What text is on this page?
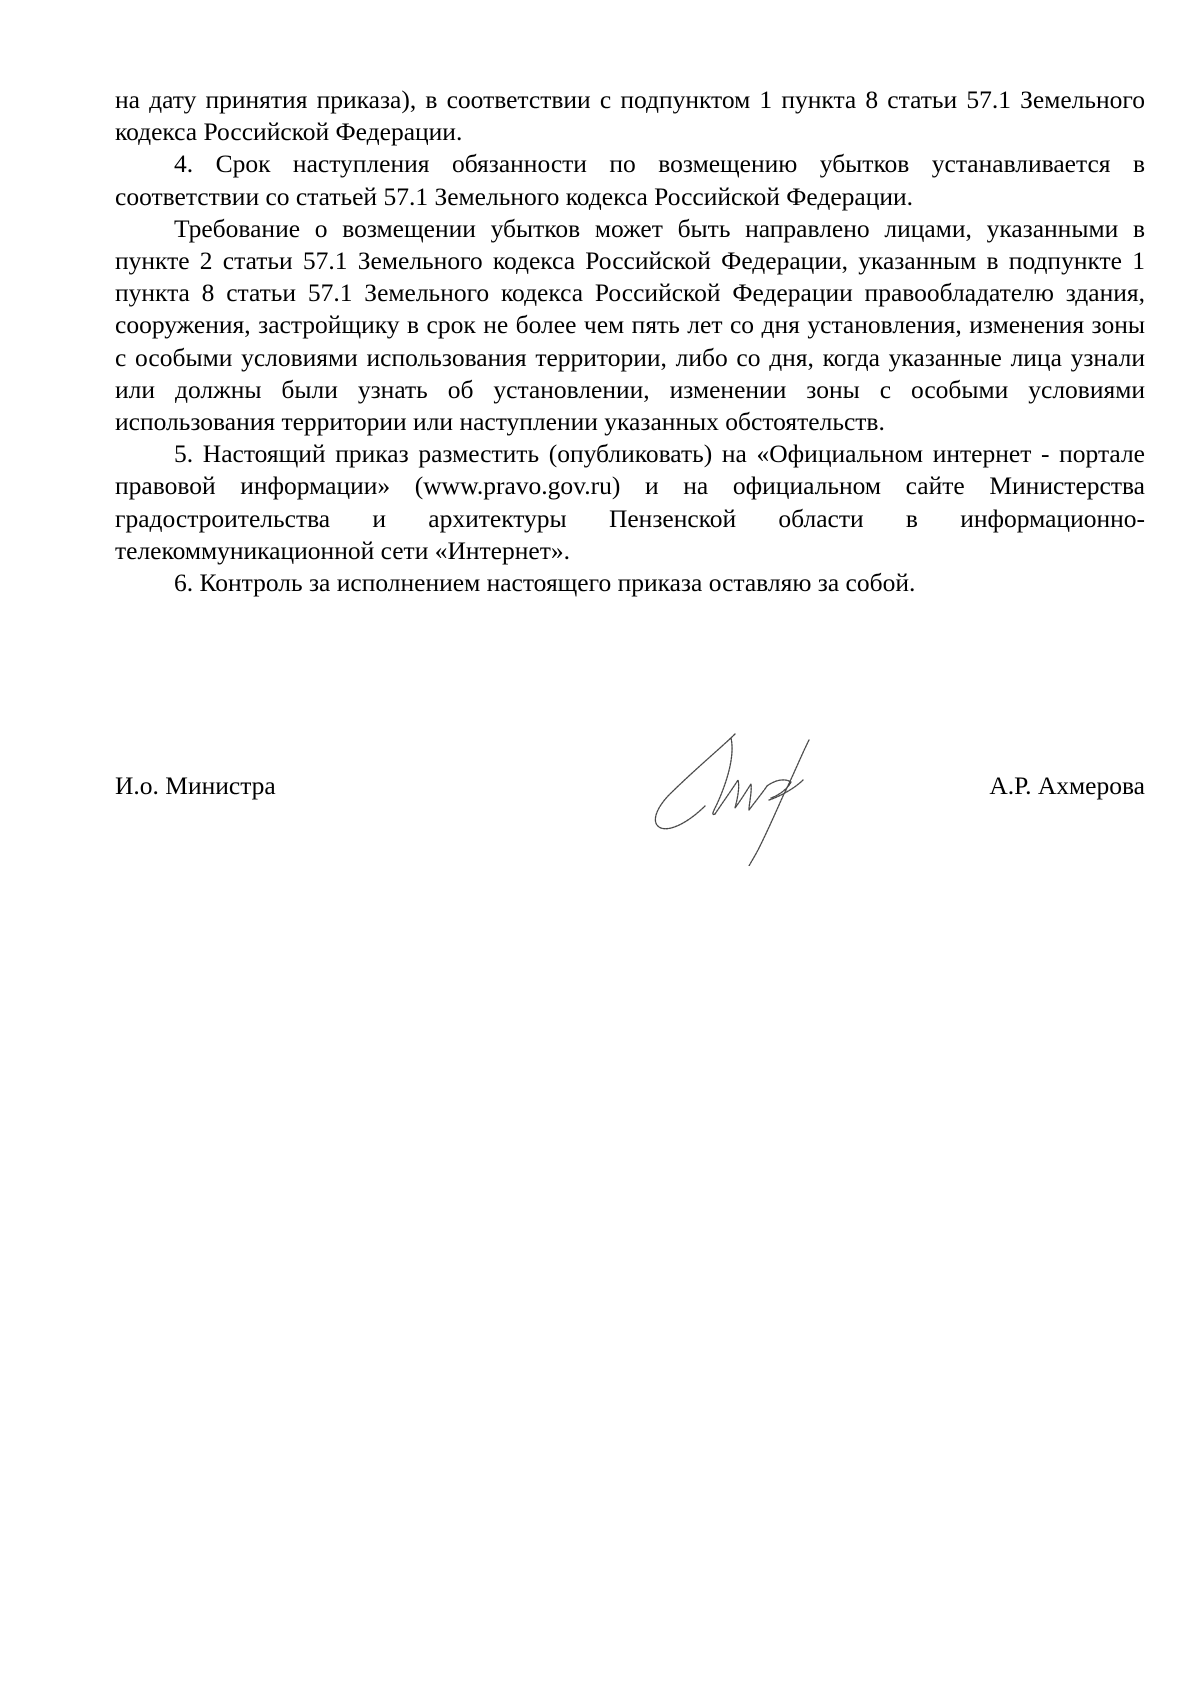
на дату принятия приказа), в соответствии с подпунктом 1 пункта 8 статьи 57.1 Земельного кодекса Российской Федерации.

4. Срок наступления обязанности по возмещению убытков устанавливается в соответствии со статьей 57.1 Земельного кодекса Российской Федерации.

Требование о возмещении убытков может быть направлено лицами, указанными в пункте 2 статьи 57.1 Земельного кодекса Российской Федерации, указанным в подпункте 1 пункта 8 статьи 57.1 Земельного кодекса Российской Федерации правообладателю здания, сооружения, застройщику в срок не более чем пять лет со дня установления, изменения зоны с особыми условиями использования территории, либо со дня, когда указанные лица узнали или должны были узнать об установлении, изменении зоны с особыми условиями использования территории или наступлении указанных обстоятельств.

5. Настоящий приказ разместить (опубликовать) на «Официальном интернет - портале правовой информации» (www.pravo.gov.ru) и на официальном сайте Министерства градостроительства и архитектуры Пензенской области в информационно-телекоммуникационной сети «Интернет».

6. Контроль за исполнением настоящего приказа оставляю за собой.

И.о. Министра	А.Р. Ахмерова
